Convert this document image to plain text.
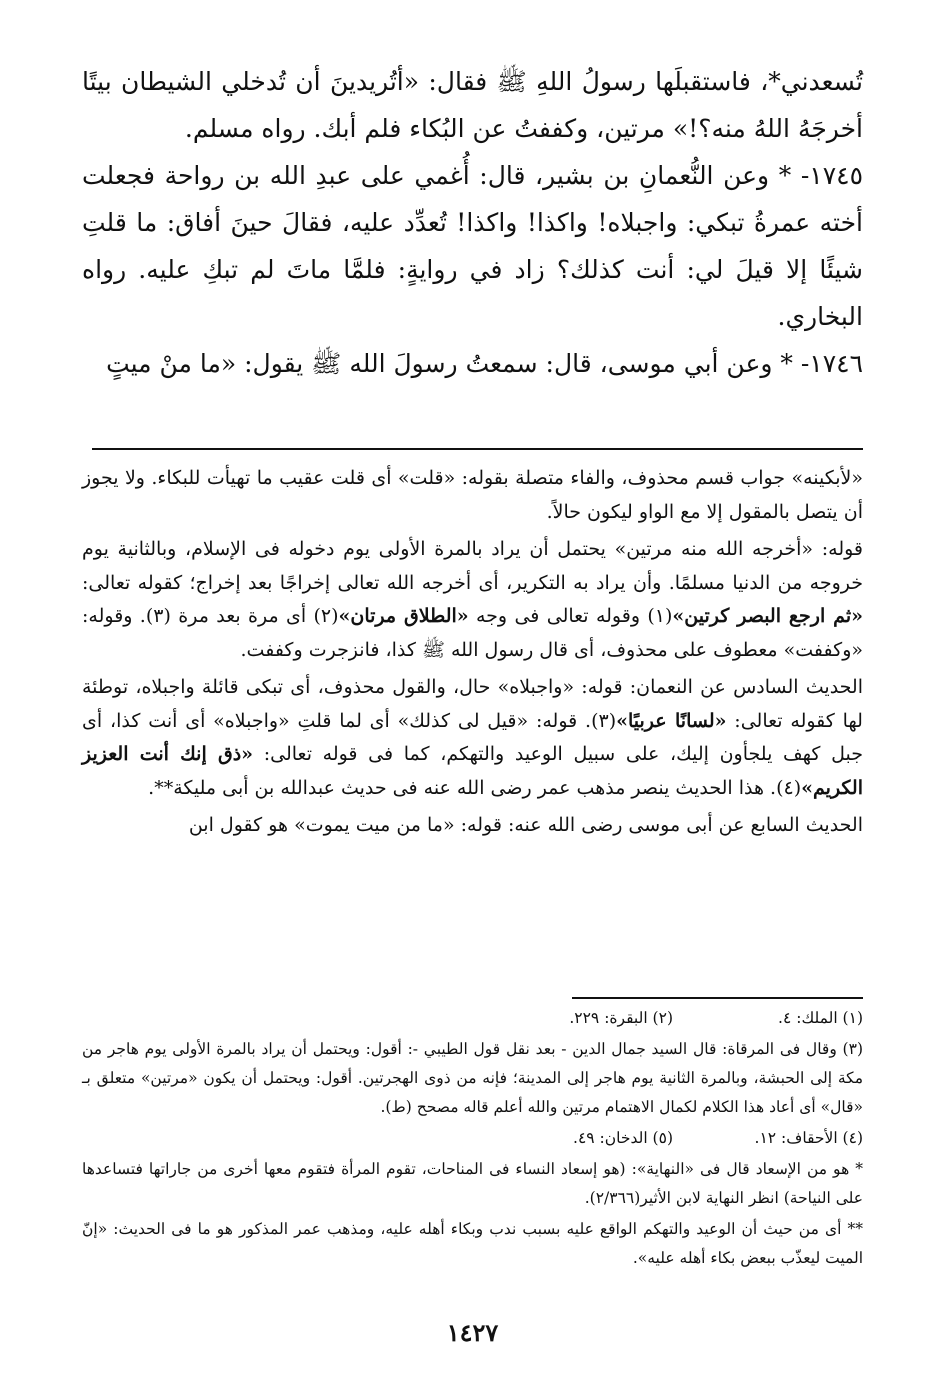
تُسعدني*، فاستقبلَها رسولُ اللهِ ﷺ فقال: «أتُريدينَ أن تُدخلي الشيطان بيتًا أخرجَهُ اللهُ منه؟!» مرتين، وكففتُ عن البُكاء فلم أبك. رواه مسلم.

١٧٤٥- * وعن النُّعمانِ بن بشير، قال: أُغمي على عبدِ الله بن رواحة فجعلت أخته عمرةُ تبكي: واجبلاه! واكذا! واكذا! تُعدِّد عليه، فقالَ حينَ أفاق: ما قلتِ شيئًا إلا قيلَ لي: أنت كذلك؟ زاد في روايةٍ: فلمَّا ماتَ لم تبكِ عليه. رواه البخاري.

١٧٤٦- * وعن أبي موسى، قال: سمعتُ رسولَ الله ﷺ يقول: «ما منْ ميتٍ

«لأبكينه» جواب قسم محذوف، والفاء متصلة بقوله: «قلت» أى قلت عقيب ما تهيأت للبكاء. ولا يجوز أن يتصل بالمقول إلا مع الواو ليكون حالاً.

قوله: «أخرجه الله منه مرتين» يحتمل أن يراد بالمرة الأولى يوم دخوله فى الإسلام، وبالثانية يوم خروجه من الدنيا مسلمًا. وأن يراد به التكرير، أى أخرجه الله تعالى إخراجًا بعد إخراج؛ كقوله تعالى: «ثم ارجع البصر كرتين»(١) وقوله تعالى فى وجه «الطلاق مرتان»(٢) أى مرة بعد مرة (٣). وقوله: «وكففت» معطوف على محذوف، أى قال رسول الله ﷺ كذا، فانزجرت وكففت.

الحديث السادس عن النعمان: قوله: «واجبلاه» حال، والقول محذوف، أى تبكى قائلة واجبلاه، توطئة لها كقوله تعالى: «لسانًا عربيًا»(٣). قوله: «قيل لى كذلك» أى لما قلتِ «واجبلاه» أى أنت كذا، أى جبل كهف يلجأون إليك، على سبيل الوعيد والتهكم، كما فى قوله تعالى: «ذق إنك أنت العزيز الكريم»(٤). هذا الحديث ينصر مذهب عمر رضى الله عنه فى حديث عبدالله بن أبى مليكة**.

الحديث السابع عن أبى موسى رضى الله عنه: قوله: «ما من ميت يموت» هو كقول ابن

(١) الملك: ٤.
(٢) البقرة: ٢٢٩.

(٣) وقال فى المرقاة: قال السيد جمال الدين - بعد نقل قول الطيبي -: أقول: ويحتمل أن يراد بالمرة الأولى يوم هاجر من مكة إلى الحبشة، وبالمرة الثانية يوم هاجر إلى المدينة؛ فإنه من ذوى الهجرتين. أقول: ويحتمل أن يكون «مرتين» متعلق بـ «قال» أى أعاد هذا الكلام لكمال الاهتمام مرتين والله أعلم قاله مصحح (ط).

(٤) الأحقاف: ١٢.
(٥) الدخان: ٤٩.

* هو من الإسعاد قال فى «النهاية»: (هو إسعاد النساء فى المناحات، تقوم المرأة فتقوم معها أخرى من جاراتها فتساعدها على النياحة) انظر النهاية لابن الأثير(٢/٣٦٦).

** أى من حيث أن الوعيد والتهكم الواقع عليه بسبب ندب وبكاء أهله عليه، ومذهب عمر المذكور هو ما فى الحديث: «إنّ الميت ليعذّب ببعض بكاء أهله عليه».

١٤٢٧
